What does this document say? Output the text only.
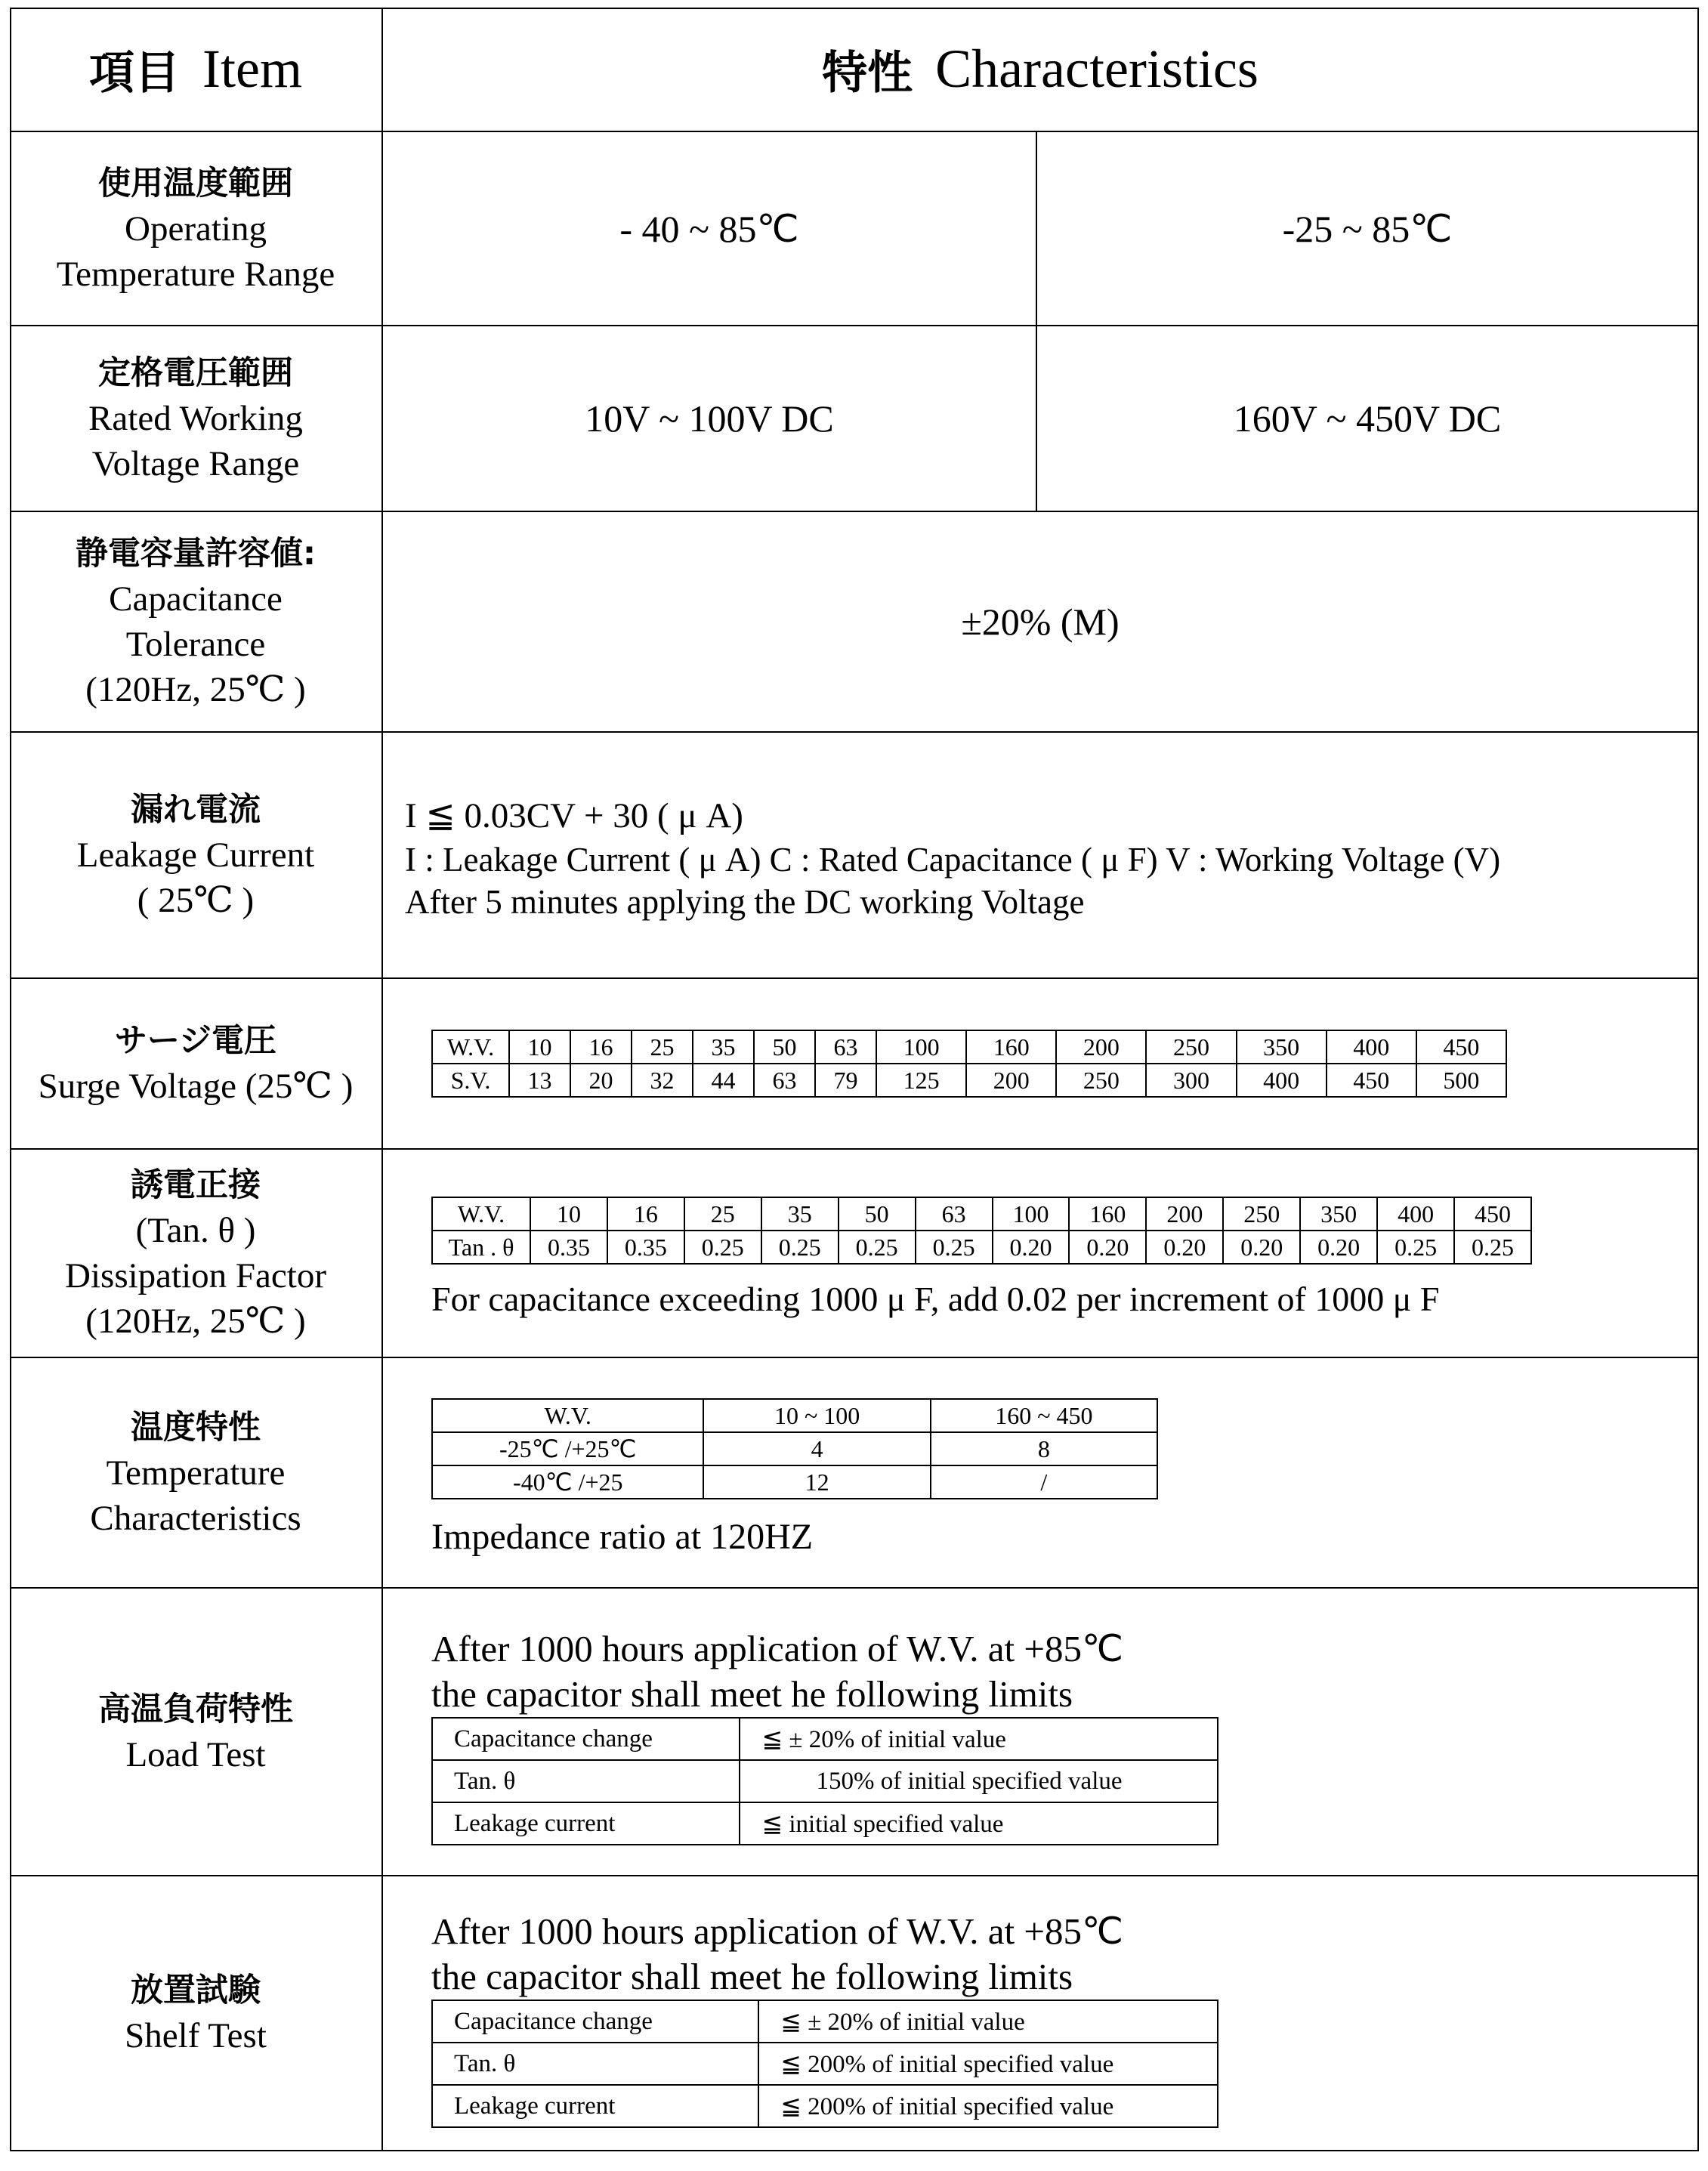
項目 Item	特性 Characteristics
使用温度範囲
Operating
Temperature Range
- 40 ~ 85℃	-25 ~ 85℃
定格電圧範囲
Rated Working
Voltage Range
10V ~ 100V DC	160V ~ 450V DC
静電容量許容値:
Capacitance
Tolerance
(120Hz, 25℃ )
±20% (M)
漏れ電流
Leakage Current
( 25℃ )
I ≦ 0.03CV + 30 ( μ A)
I : Leakage Current ( μ A) C : Rated Capacitance ( μ F) V : Working Voltage (V)
After 5 minutes applying the DC working Voltage
サージ電圧
Surge Voltage (25℃ )
W.V.	10	16	25	35	50	63	100	160	200	250	350	400	450
S.V.	13	20	32	44	63	79	125	200	250	300	400	450	500
誘電正接
(Tan. θ )
Dissipation Factor
(120Hz, 25℃ )
W.V.	10	16	25	35	50	63	100	160	200	250	350	400	450
Tan . θ	0.35	0.35	0.25	0.25	0.25	0.25	0.20	0.20	0.20	0.20	0.20	0.25	0.25
For capacitance exceeding 1000 μ F, add 0.02 per increment of 1000 μ F
温度特性
Temperature
Characteristics
W.V.	10 ~ 100	160 ~ 450
-25℃ /+25℃	4	8
-40℃ /+25	12	/
Impedance ratio at 120HZ
高温負荷特性
Load Test
After 1000 hours application of W.V. at +85℃
the capacitor shall meet he following limits
Capacitance change	≦ ± 20% of initial value
Tan. θ	150% of initial specified value
Leakage current	≦ initial specified value
放置試験
Shelf Test
After 1000 hours application of W.V. at +85℃
the capacitor shall meet he following limits
Capacitance change	≦ ± 20% of initial value
Tan. θ	≦ 200% of initial specified value
Leakage current	≦ 200% of initial specified value
